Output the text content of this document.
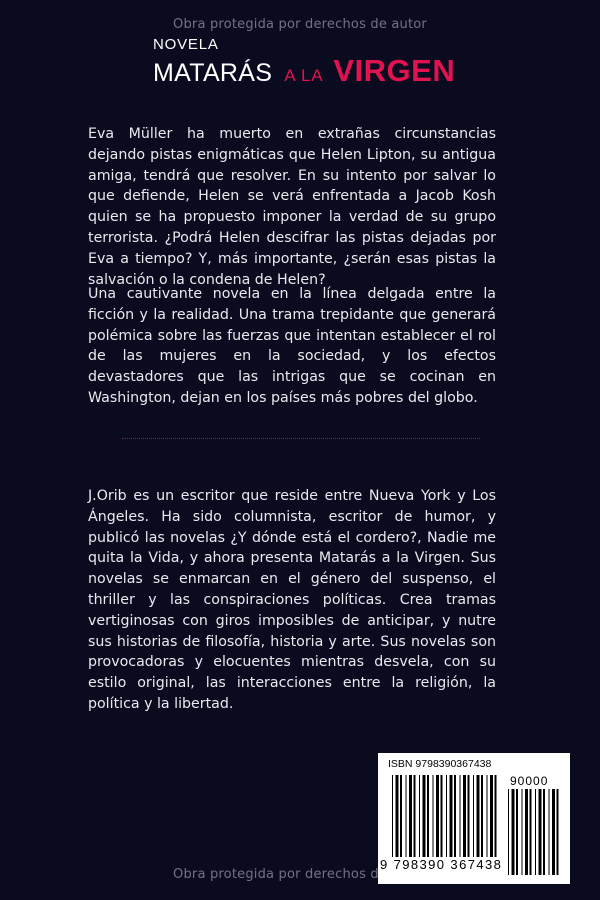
Obra protegida por derechos de autor
NOVELA
MATARÁS A LA VIRGEN

Eva Müller ha muerto en extrañas circunstancias dejando pistas enigmáticas que Helen Lipton, su antigua amiga, tendrá que resolver. En su intento por salvar lo que defiende, Helen se verá enfrentada a Jacob Kosh quien se ha propuesto imponer la verdad de su grupo terrorista. ¿Podrá Helen descifrar las pistas dejadas por Eva a tiempo? Y, más importante, ¿serán esas pistas la salvación o la condena de Helen?

Una cautivante novela en la línea delgada entre la ficción y la realidad. Una trama trepidante que generará polémica sobre las fuerzas que intentan establecer el rol de las mujeres en la sociedad, y los efectos devastadores que las intrigas que se cocinan en Washington, dejan en los países más pobres del globo.

J.Orib es un escritor que reside entre Nueva York y Los Ángeles. Ha sido columnista, escritor de humor, y publicó las novelas ¿Y dónde está el cordero?, Nadie me quita la Vida, y ahora presenta Matarás a la Virgen. Sus novelas se enmarcan en el género del suspenso, el thriller y las conspiraciones políticas. Crea tramas vertiginosas con giros imposibles de anticipar, y nutre sus historias de filosofía, historia y arte. Sus novelas son provocadoras y elocuentes mientras desvela, con su estilo original, las interacciones entre la religión, la política y la libertad.

ISBN 9798390367438
90000
9 798390 367438
Obra protegida por derechos de autor
